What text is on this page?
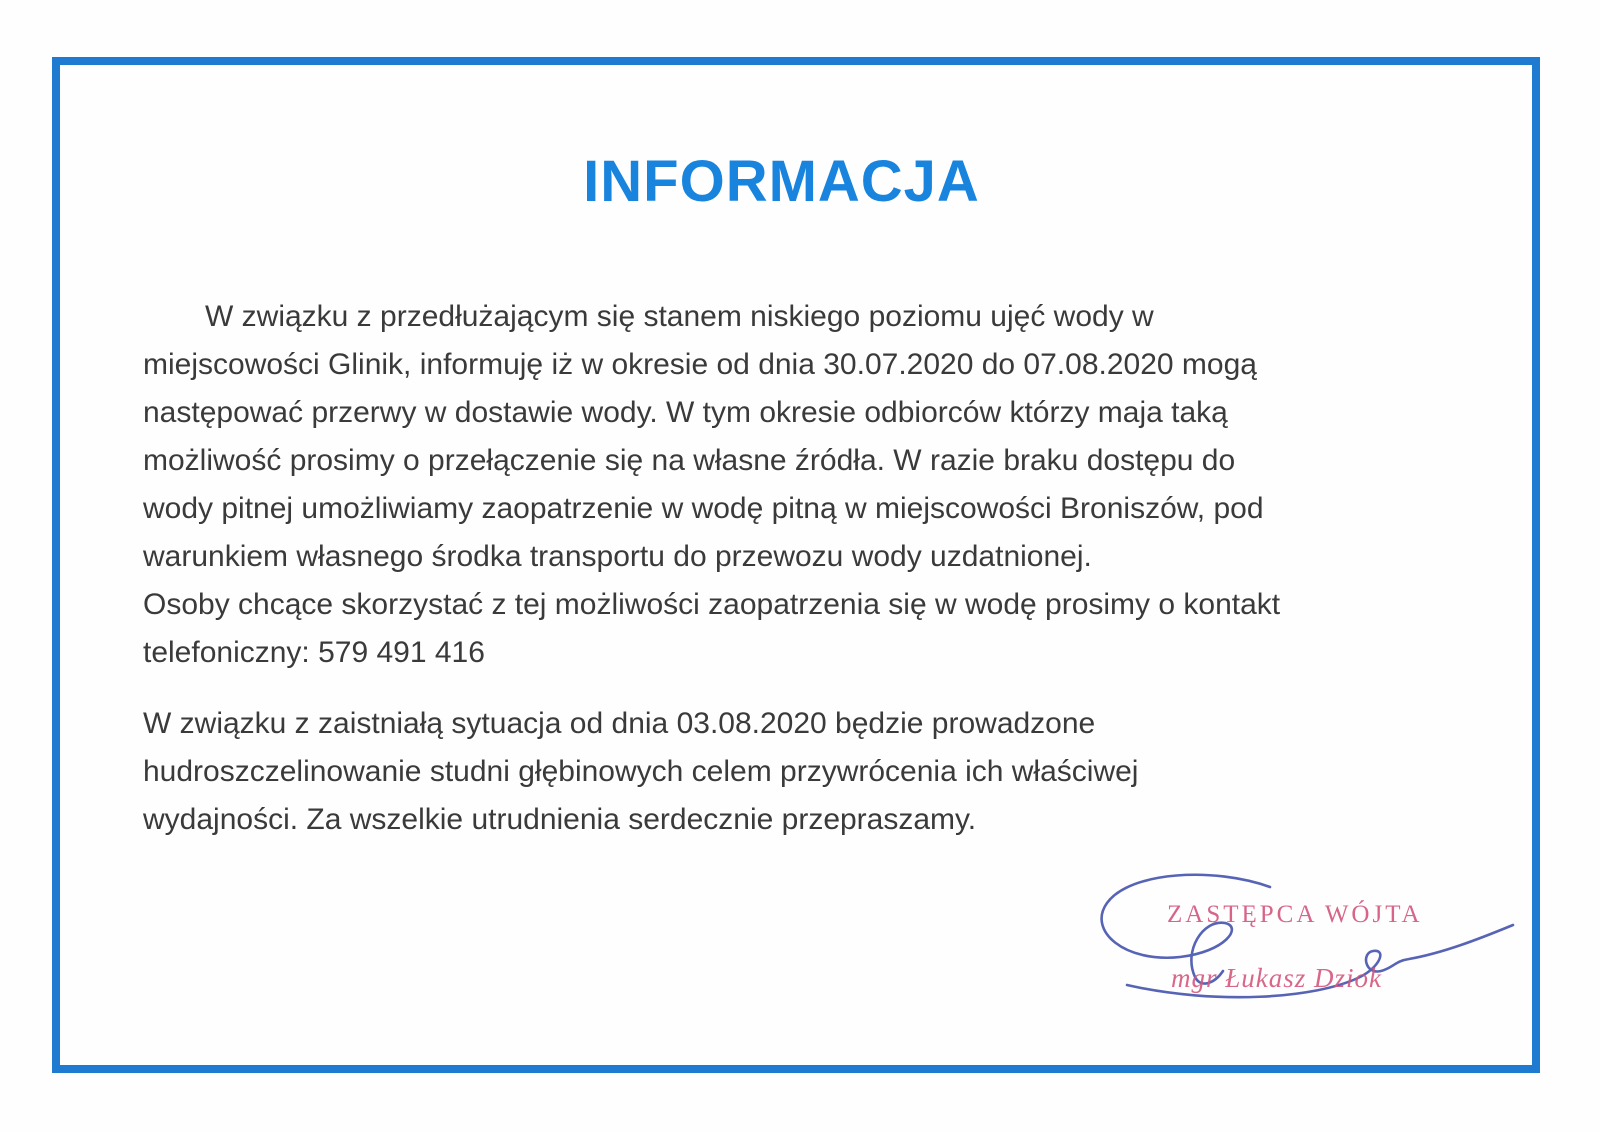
INFORMACJA
W związku z przedłużającym się stanem niskiego poziomu ujęć wody w
miejscowości Glinik, informuję iż w okresie od dnia 30.07.2020 do 07.08.2020 mogą
następować przerwy w dostawie wody. W tym okresie odbiorców którzy maja taką
możliwość prosimy o przełączenie się na własne źródła. W razie braku dostępu do
wody pitnej umożliwiamy zaopatrzenie w wodę pitną w miejscowości Broniszów, pod
warunkiem własnego środka transportu do przewozu wody uzdatnionej.
Osoby chcące skorzystać z tej możliwości zaopatrzenia się w wodę prosimy o kontakt
telefoniczny: 579 491 416
W związku z zaistniałą sytuacja od dnia 03.08.2020 będzie prowadzone
hudroszczelinowanie studni głębinowych celem przywrócenia ich właściwej
wydajności. Za wszelkie utrudnienia serdecznie przepraszamy.
ZASTĘPCA WÓJTA
mgr Łukasz Dziok
